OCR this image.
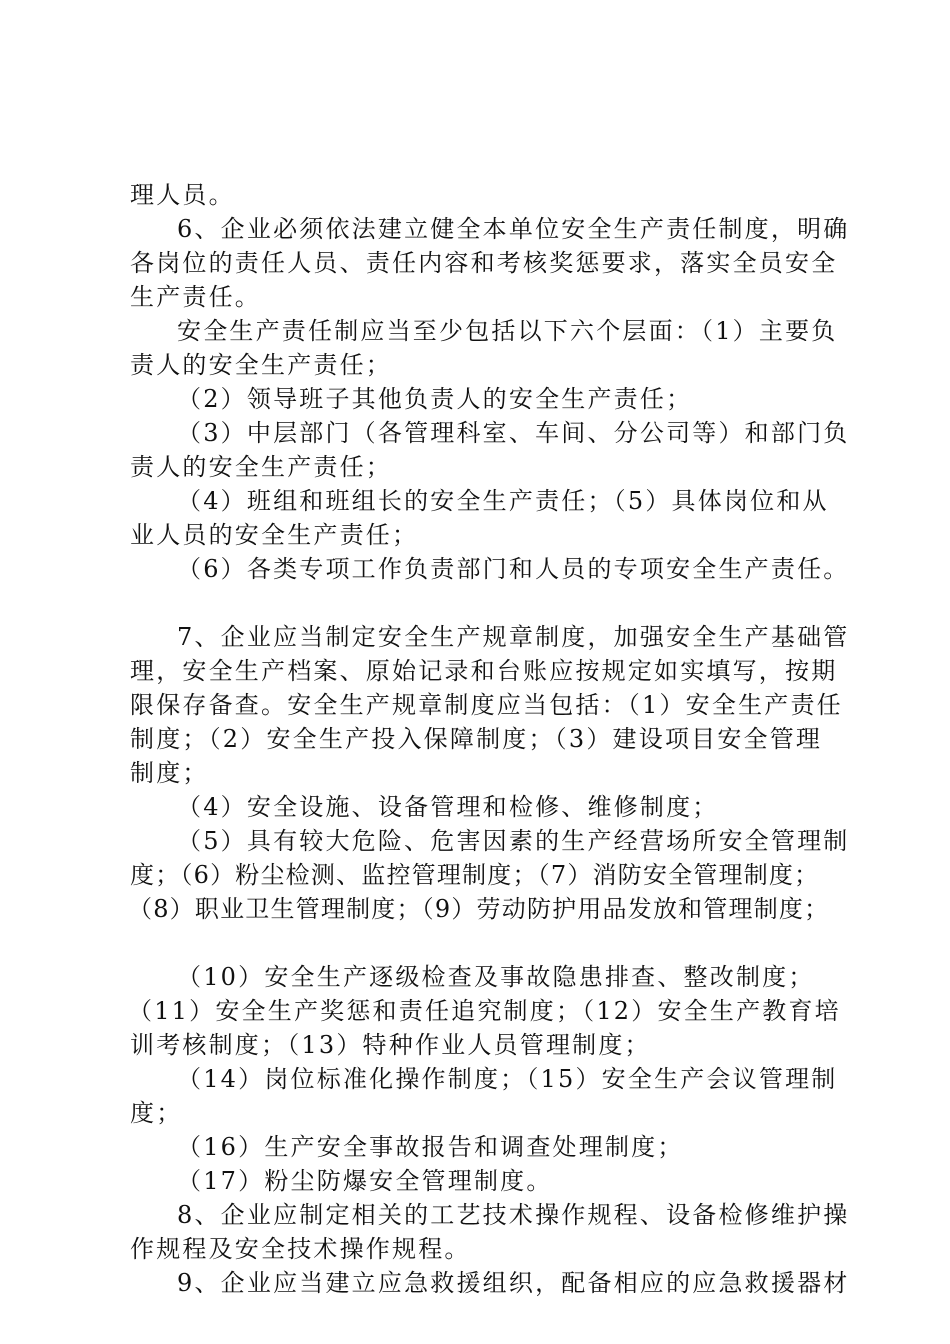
理人员。
6、企业必须依法建立健全本单位安全生产责任制度，明确
各岗位的责任人员、责任内容和考核奖惩要求，落实全员安全
生产责任。
安全生产责任制应当至少包括以下六个层面：（1）主要负
责人的安全生产责任；
（2）领导班子其他负责人的安全生产责任；
（3）中层部门（各管理科室、车间、分公司等）和部门负
责人的安全生产责任；
（4）班组和班组长的安全生产责任；（5）具体岗位和从
业人员的安全生产责任；
（6）各类专项工作负责部门和人员的专项安全生产责任。
7、企业应当制定安全生产规章制度，加强安全生产基础管
理，安全生产档案、原始记录和台账应按规定如实填写，按期
限保存备查。安全生产规章制度应当包括：（1）安全生产责任
制度；（2）安全生产投入保障制度；（3）建设项目安全管理
制度；
（4）安全设施、设备管理和检修、维修制度；
（5）具有较大危险、危害因素的生产经营场所安全管理制
度；（6）粉尘检测、监控管理制度；（7）消防安全管理制度；
（8）职业卫生管理制度；（9）劳动防护用品发放和管理制度；
（10）安全生产逐级检查及事故隐患排查、整改制度；
（11）安全生产奖惩和责任追究制度；（12）安全生产教育培
训考核制度；（13）特种作业人员管理制度；
（14）岗位标准化操作制度；（15）安全生产会议管理制
度；
（16）生产安全事故报告和调查处理制度；
（17）粉尘防爆安全管理制度。
8、企业应制定相关的工艺技术操作规程、设备检修维护操
作规程及安全技术操作规程。
9、企业应当建立应急救援组织，配备相应的应急救援器材
